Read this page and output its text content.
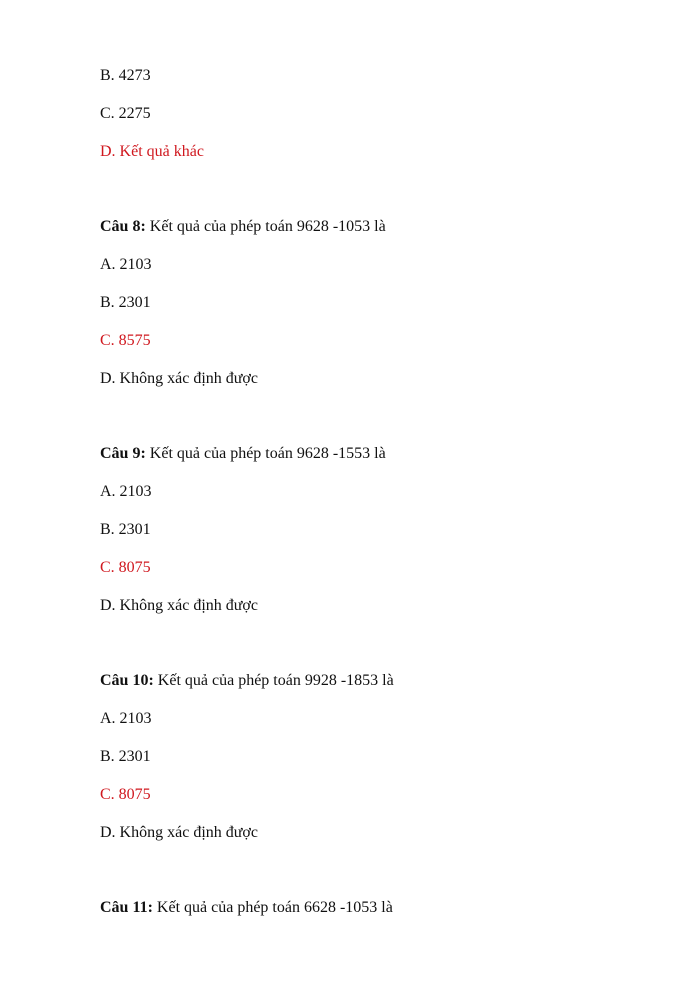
B. 4273
C. 2275
D. Kết quả khác
Câu 8: Kết quả của phép toán 9628 -1053 là
A. 2103
B. 2301
C. 8575
D. Không xác định được
Câu 9: Kết quả của phép toán 9628 -1553 là
A. 2103
B. 2301
C. 8075
D. Không xác định được
Câu 10: Kết quả của phép toán 9928 -1853 là
A. 2103
B. 2301
C. 8075
D. Không xác định được
Câu 11: Kết quả của phép toán 6628 -1053 là
